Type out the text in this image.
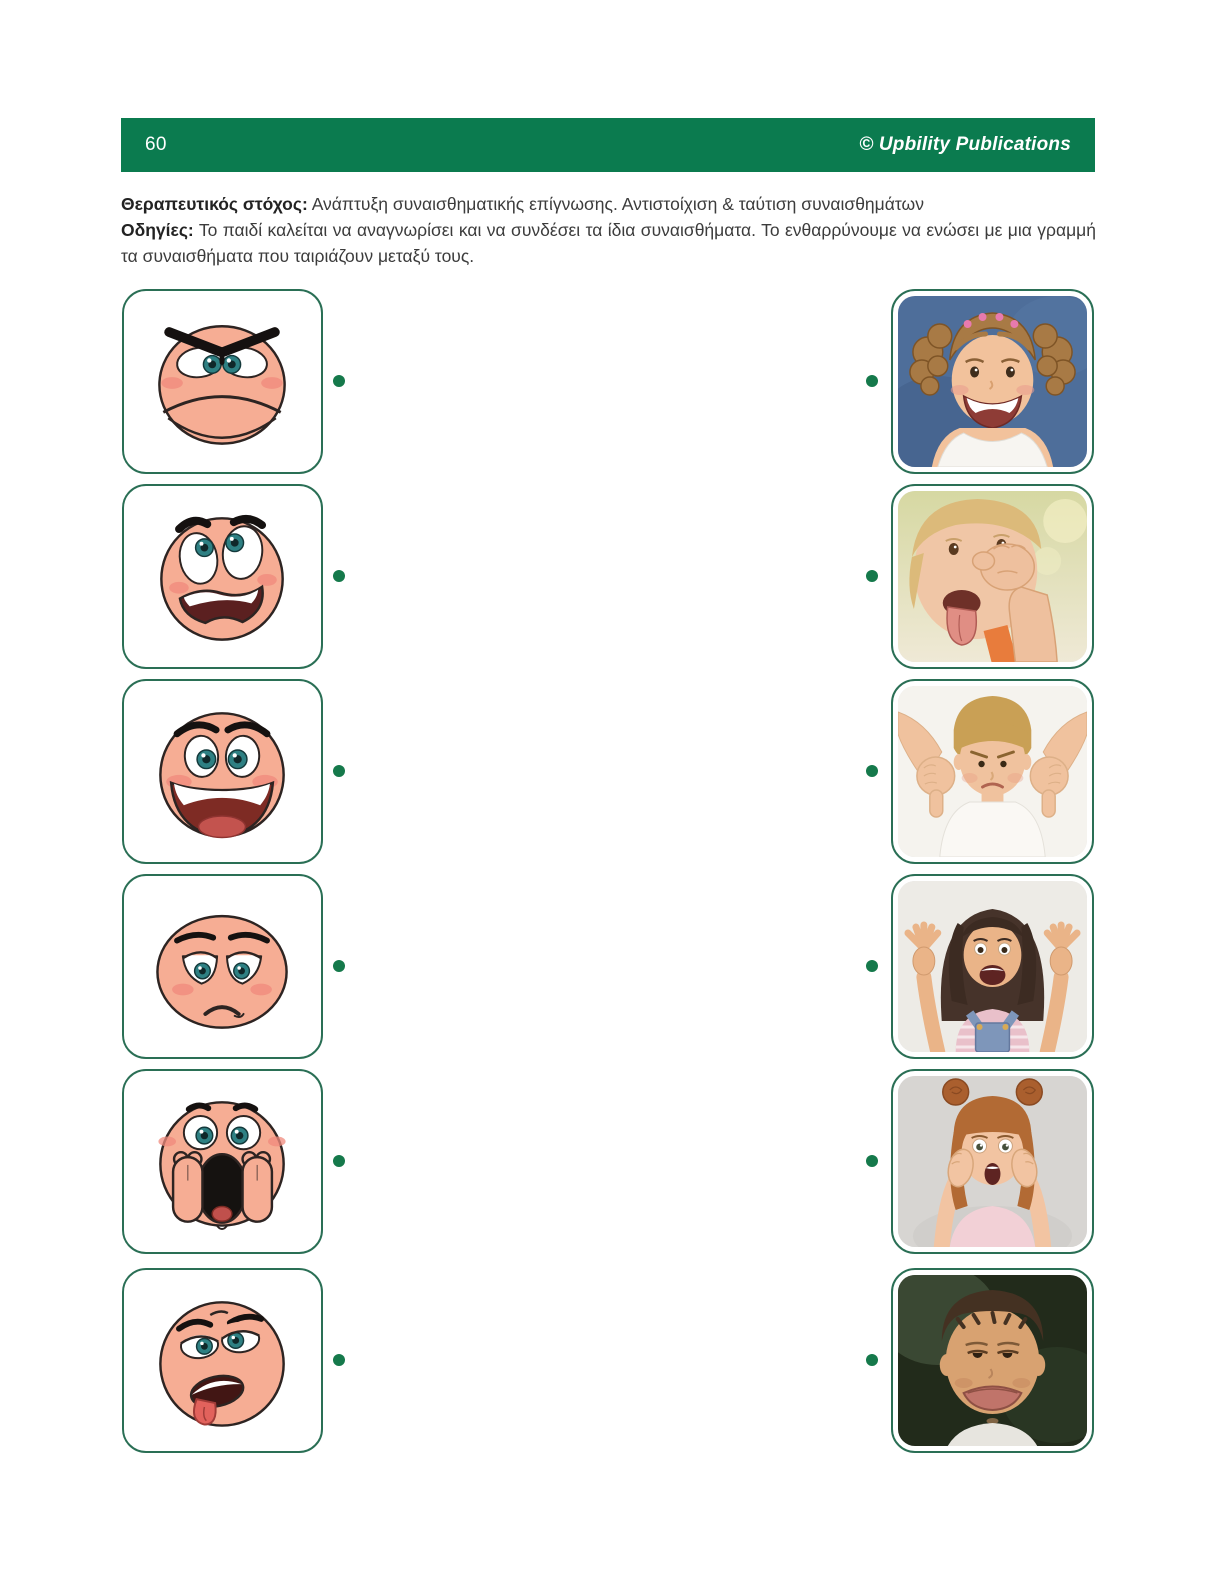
60	© Upbility Publications

Θεραπευτικός στόχος: Ανάπτυξη συναισθηματικής επίγνωσης. Αντιστοίχιση & ταύτιση συναισθημάτων

Οδηγίες: Το παιδί καλείται να αναγνωρίσει και να συνδέσει τα ίδια συναισθήματα. Το ενθαρρύνουμε να ενώσει με μια γραμμή τα συναισθήματα που ταιριάζουν μεταξύ τους.
